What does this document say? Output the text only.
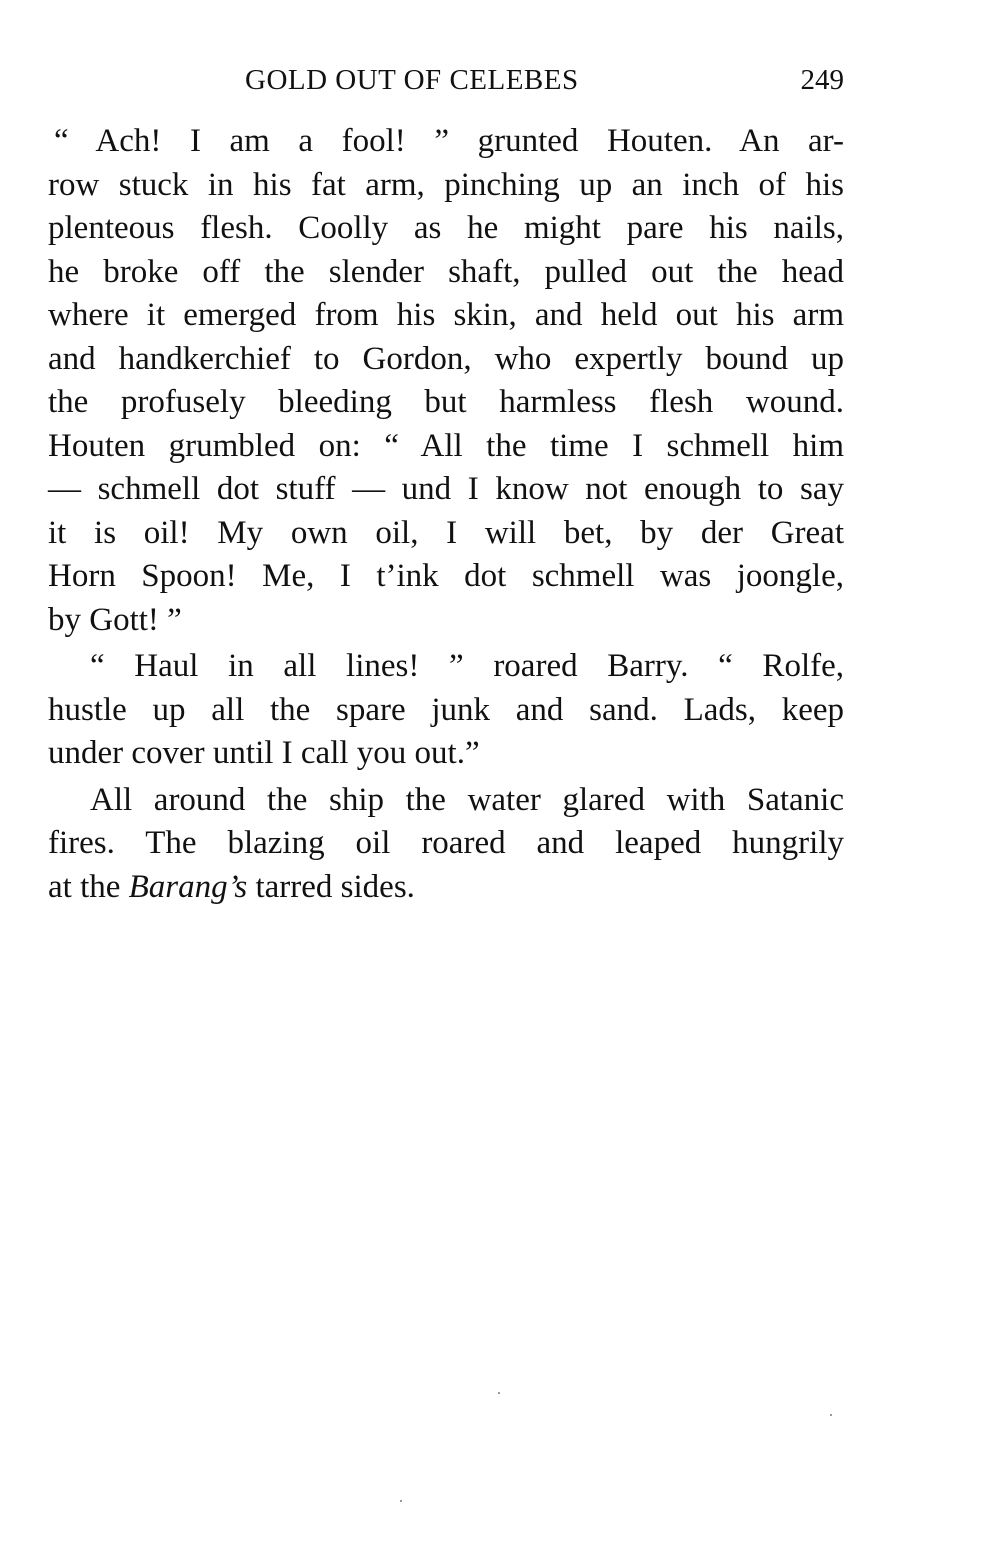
GOLD OUT OF CELEBES	249
“ Ach! I am a fool! ” grunted Houten. An ar-
row stuck in his fat arm, pinching up an inch of his
plenteous flesh. Coolly as he might pare his nails,
he broke off the slender shaft, pulled out the head
where it emerged from his skin, and held out his arm
and handkerchief to Gordon, who expertly bound up
the profusely bleeding but harmless flesh wound.
Houten grumbled on: “ All the time I schmell him
— schmell dot stuff — und I know not enough to say
it is oil! My own oil, I will bet, by der Great
Horn Spoon! Me, I t’ink dot schmell was joongle,
by Gott! ”
“ Haul in all lines! ” roared Barry. “ Rolfe,
hustle up all the spare junk and sand. Lads, keep
under cover until I call you out.”
All around the ship the water glared with Satanic
fires. The blazing oil roared and leaped hungrily
at the Barang’s tarred sides.
